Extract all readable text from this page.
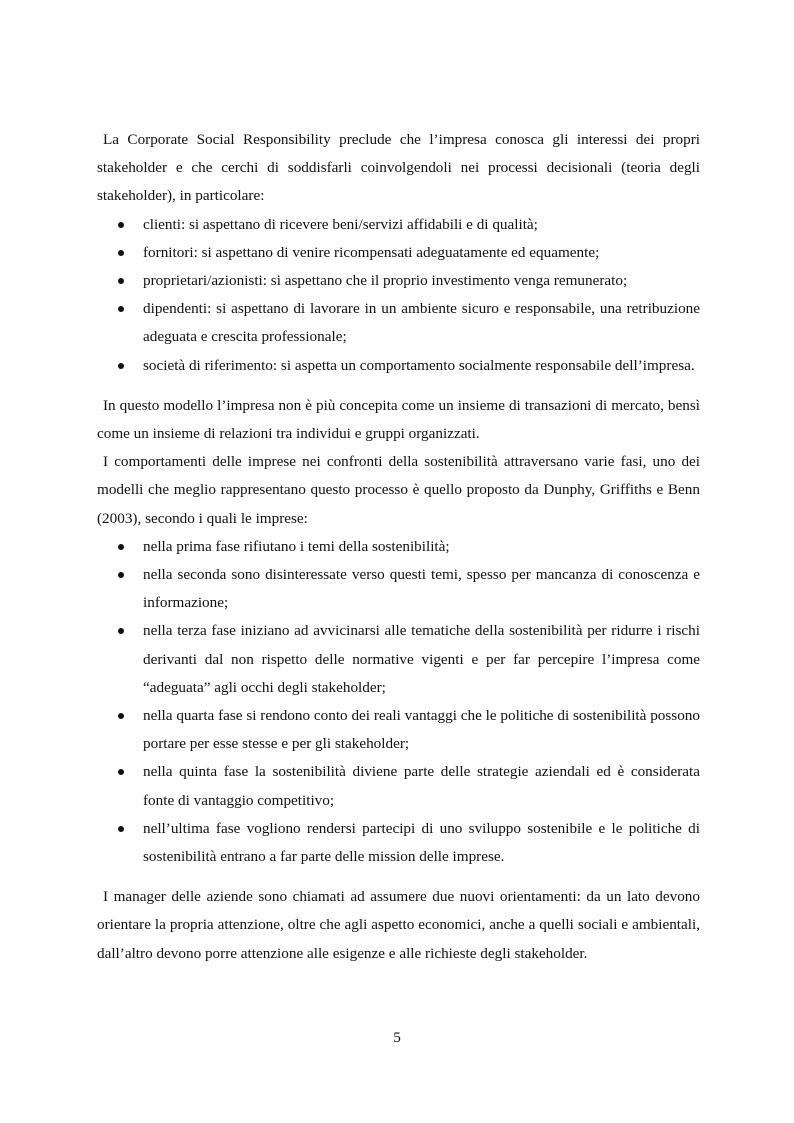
La Corporate Social Responsibility preclude che l’impresa conosca gli interessi dei propri stakeholder e che cerchi di soddisfarli coinvolgendoli nei processi decisionali (teoria degli stakeholder), in particolare:

clienti: si aspettano di ricevere beni/servizi affidabili e di qualità;
fornitori: si aspettano di venire ricompensati adeguatamente ed equamente;
proprietari/azionisti: si aspettano che il proprio investimento venga remunerato;
dipendenti: si aspettano di lavorare in un ambiente sicuro e responsabile, una retribuzione adeguata e crescita professionale;
società di riferimento: si aspetta un comportamento socialmente responsabile dell’impresa.

In questo modello l’impresa non è più concepita come un insieme di transazioni di mercato, bensì come un insieme di relazioni tra individui e gruppi organizzati.

I comportamenti delle imprese nei confronti della sostenibilità attraversano varie fasi, uno dei modelli che meglio rappresentano questo processo è quello proposto da Dunphy, Griffiths e Benn (2003), secondo i quali le imprese:

nella prima fase rifiutano i temi della sostenibilità;
nella seconda sono disinteressate verso questi temi, spesso per mancanza di conoscenza e informazione;
nella terza fase iniziano ad avvicinarsi alle tematiche della sostenibilità per ridurre i rischi derivanti dal non rispetto delle normative vigenti e per far percepire l’impresa come “adeguata” agli occhi degli stakeholder;
nella quarta fase si rendono conto dei reali vantaggi che le politiche di sostenibilità possono portare per esse stesse e per gli stakeholder;
nella quinta fase la sostenibilità diviene parte delle strategie aziendali ed è considerata fonte di vantaggio competitivo;
nell’ultima fase vogliono rendersi partecipi di uno sviluppo sostenibile e le politiche di sostenibilità entrano a far parte delle mission delle imprese.

I manager delle aziende sono chiamati ad assumere due nuovi orientamenti: da un lato devono orientare la propria attenzione, oltre che agli aspetto economici, anche a quelli sociali e ambientali, dall’altro devono porre attenzione alle esigenze e alle richieste degli stakeholder.

5
